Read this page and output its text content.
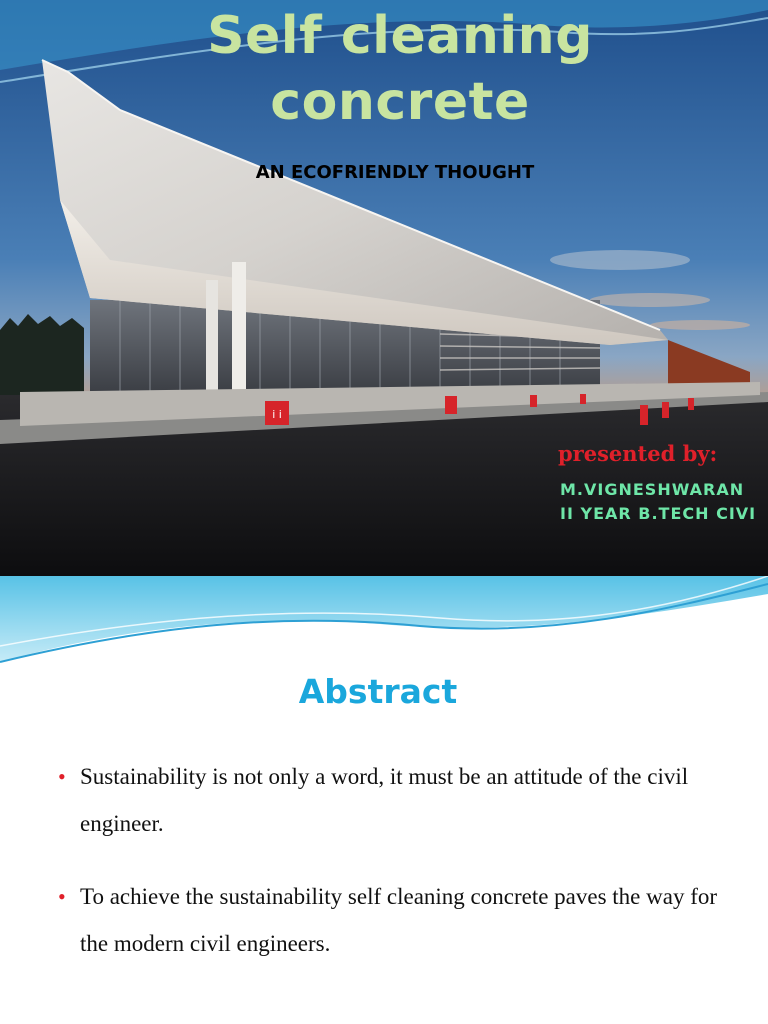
ⅰ ⅰ
Self cleaning
concrete
AN ECOFRIENDLY THOUGHT
presented by:
M.VIGNESHWARAN
II YEAR B.TECH CIVI
Abstract
• Sustainability is not only a word, it must be an attitude of the civil engineer.
• To achieve the sustainability self cleaning concrete paves the way for the modern civil engineers.
